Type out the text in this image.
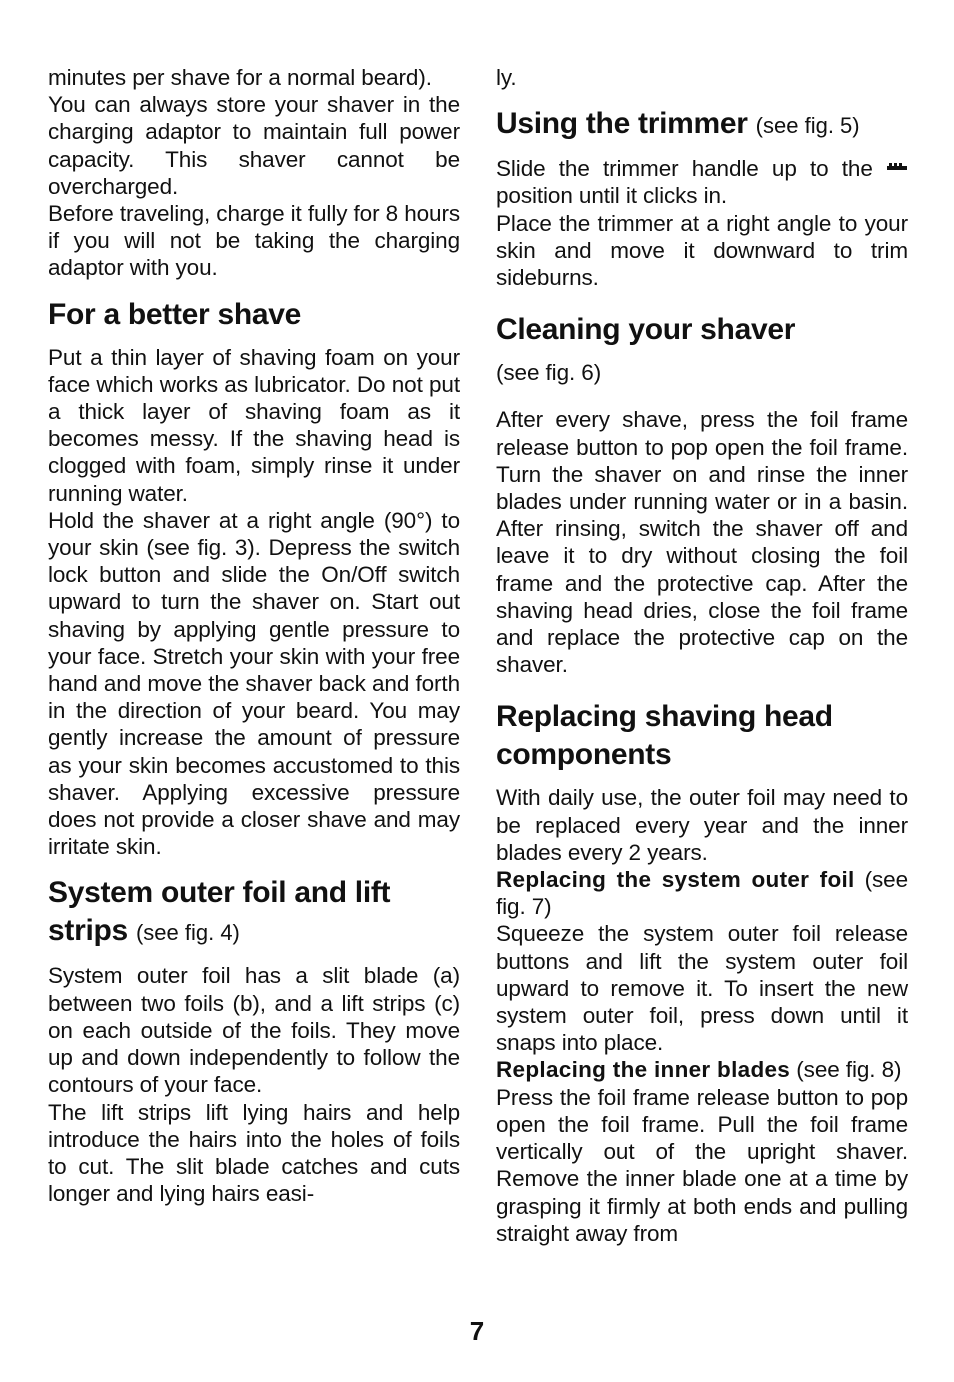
minutes per shave for a normal beard).

You can always store your shaver in the charging adaptor to maintain full power capacity. This shaver cannot be overcharged.

Before traveling, charge it fully for 8 hours if you will not be taking the charging adaptor with you.

For a better shave

Put a thin layer of shaving foam on your face which works as lubricator. Do not put a thick layer of shaving foam as it becomes messy. If the shaving head is clogged with foam, simply rinse it under running water.

Hold the shaver at a right angle (90°) to your skin (see fig. 3). Depress the switch lock button and slide the On/Off switch upward to turn the shaver on. Start out shaving by applying gentle pressure to your face. Stretch your skin with your free hand and move the shaver back and forth in the direction of your beard. You may gently increase the amount of pressure as your skin becomes accustomed to this shaver. Applying excessive pressure does not provide a closer shave and may irritate skin.

System outer foil and lift strips (see fig. 4)

System outer foil has a slit blade (a) between two foils (b), and a lift strips (c) on each outside of the foils. They move up and down independently to follow the contours of your face.

The lift strips lift lying hairs and help introduce the hairs into the holes of foils to cut. The slit blade catches and cuts longer and lying hairs easi-

ly.

Using the trimmer (see fig. 5)

Slide the trimmer handle up to the  position until it clicks in.

Place the trimmer at a right angle to your skin and move it downward to trim sideburns.

Cleaning your shaver

(see fig. 6)

After every shave, press the foil frame release button to pop open the foil frame. Turn the shaver on and rinse the inner blades under running water or in a basin. After rinsing, switch the shaver off and leave it to dry without closing the foil frame and the protective cap. After the shaving head dries, close the foil frame and replace the protective cap on the shaver.

Replacing shaving head components

With daily use, the outer foil may need to be replaced every year and the inner blades every 2 years.

Replacing the system outer foil (see fig. 7)

Squeeze the system outer foil release buttons and lift the system outer foil upward to remove it. To insert the new system outer foil, press down until it snaps into place.

Replacing the inner blades (see fig. 8)

Press the foil frame release button to pop open the foil frame. Pull the foil frame vertically out of the upright shaver. Remove the inner blade one at a time by grasping it firmly at both ends and pulling straight away from

7
